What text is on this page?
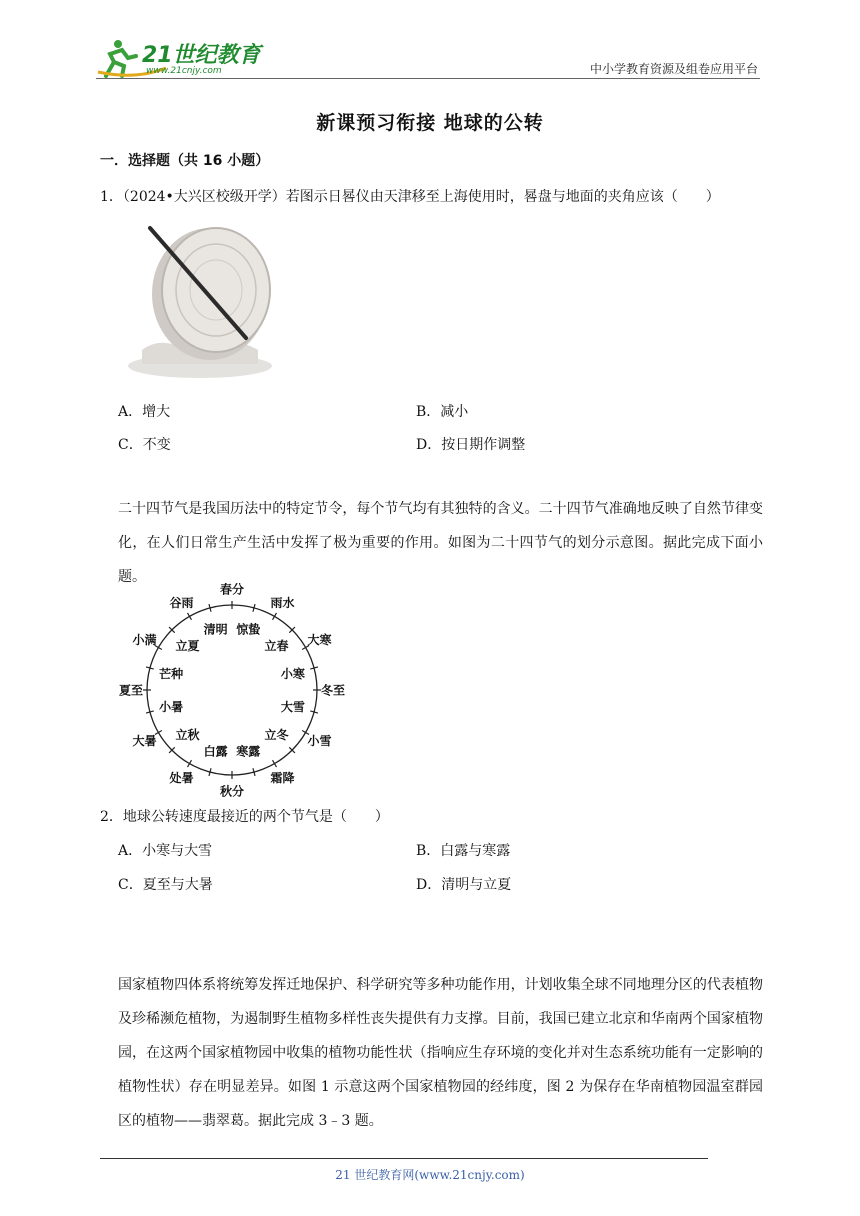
21世纪教育
www.21cnjy.com	中小学教育资源及组卷应用平台
新课预习衔接 地球的公转
一．选择题（共 16 小题）
1．（2024•大兴区校级开学）若图示日晷仪由天津移至上海使用时，晷盘与地面的夹角应该（　　）
A．增大	B．减小
C．不变	D．按日期作调整

二十四节气是我国历法中的特定节令，每个节气均有其独特的含义。二十四节气准确地反映了自然节律变化，在人们日常生产生活中发挥了极为重要的作用。如图为二十四节气的划分示意图。据此完成下面小题。

春分
雨水
大寒
冬至
小雪
霜降
秋分
处暑
大暑
夏至
小满
谷雨
惊蛰
立春
小寒
大雪
立冬
寒露
白露
立秋
小暑
芒种
立夏
清明
2．地球公转速度最接近的两个节气是（　　）
A．小寒与大雪	B．白露与寒露
C．夏至与大暑	D．清明与立夏

国家植物四体系将统筹发挥迁地保护、科学研究等多种功能作用，计划收集全球不同地理分区的代表植物及珍稀濒危植物，为遏制野生植物多样性丧失提供有力支撑。目前，我国已建立北京和华南两个国家植物园，在这两个国家植物园中收集的植物功能性状（指响应生存环境的变化并对生态系统功能有一定影响的植物性状）存在明显差异。如图 1 示意这两个国家植物园的经纬度，图 2 为保存在华南植物园温室群园区的植物——翡翠葛。据此完成 3﹣3 题。

21 世纪教育网(www.21cnjy.com)
